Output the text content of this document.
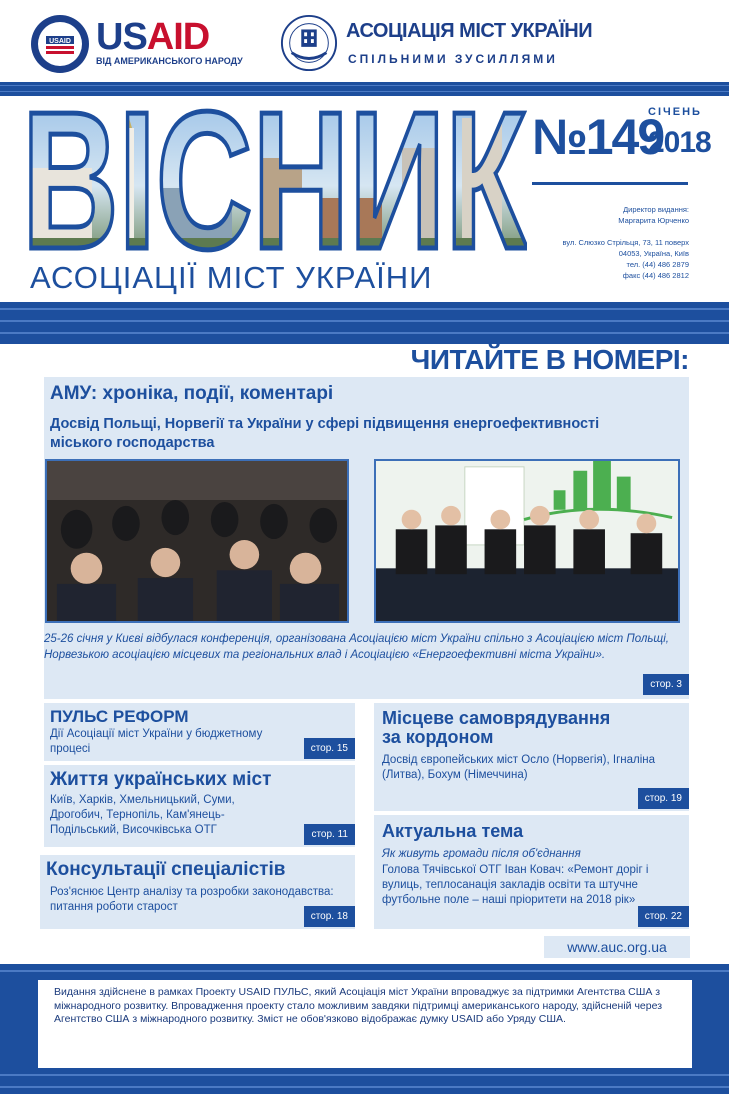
USAID USAID
ВІД АМЕРИКАНСЬКОГО НАРОДУ
АСОЦІАЦІЯ МІСТ УКРАЇНИ
СПІЛЬНИМИ ЗУСИЛЛЯМИ
ВІСНИК
АСОЦІАЦІЇ МІСТ УКРАЇНИ
№149
СІЧЕНЬ
2018
Директор видання:
Маргарита Юрченко
вул. Слюзко Стрільця, 73, 11 поверх
04053, Україна, Київ
тел. (44) 486 2879
факс (44) 486 2812
ЧИТАЙТЕ В НОМЕРІ:
АМУ: хроніка, події, коментарі
Досвід Польщі, Норвегії та України у сфері підвищення енергоефективності міського господарства
25-26 січня у Києві відбулася конференція, організована Асоціацією міст України спільно з Асоціацією міст Польщі, Норвезькою асоціацією місцевих та регіональних влад і Асоціацією «Енергоефективні міста України».
стор. 3
ПУЛЬС РЕФОРМ
Дії Асоціації міст України у бюджетному процесі	стор. 15
Життя українських міст
Київ, Харків, Хмельницький, Суми, Дрогобич, Тернопіль, Кам'янець-Подільський, Височківська ОТГ	стор. 11
Консультації спеціалістів
Роз'яснює Центр аналізу та розробки законодавства: питання роботи старост
стор. 18
Місцеве самоврядування
за кордоном
Досвід європейських міст Осло (Норвегія), Ігналіна (Литва), Бохум (Німеччина)
стор. 19
Актуальна тема
Як живуть громади після об'єднання
Голова Тячівської ОТГ Іван Ковач: «Ремонт доріг і вулиць, теплосанація закладів освіти та штучне футбольне поле – наші пріоритети на 2018 рік»
стор. 22
www.auc.org.ua
Видання здійснене в рамках Проекту USAID ПУЛЬС, який Асоціація міст України впроваджує за підтримки Агентства США з міжнародного розвитку. Впровадження проекту стало можливим завдяки підтримці американського народу, здійсненій через Агентство США з міжнародного розвитку. Зміст не обов'язково відображає думку USAID або Уряду США.
